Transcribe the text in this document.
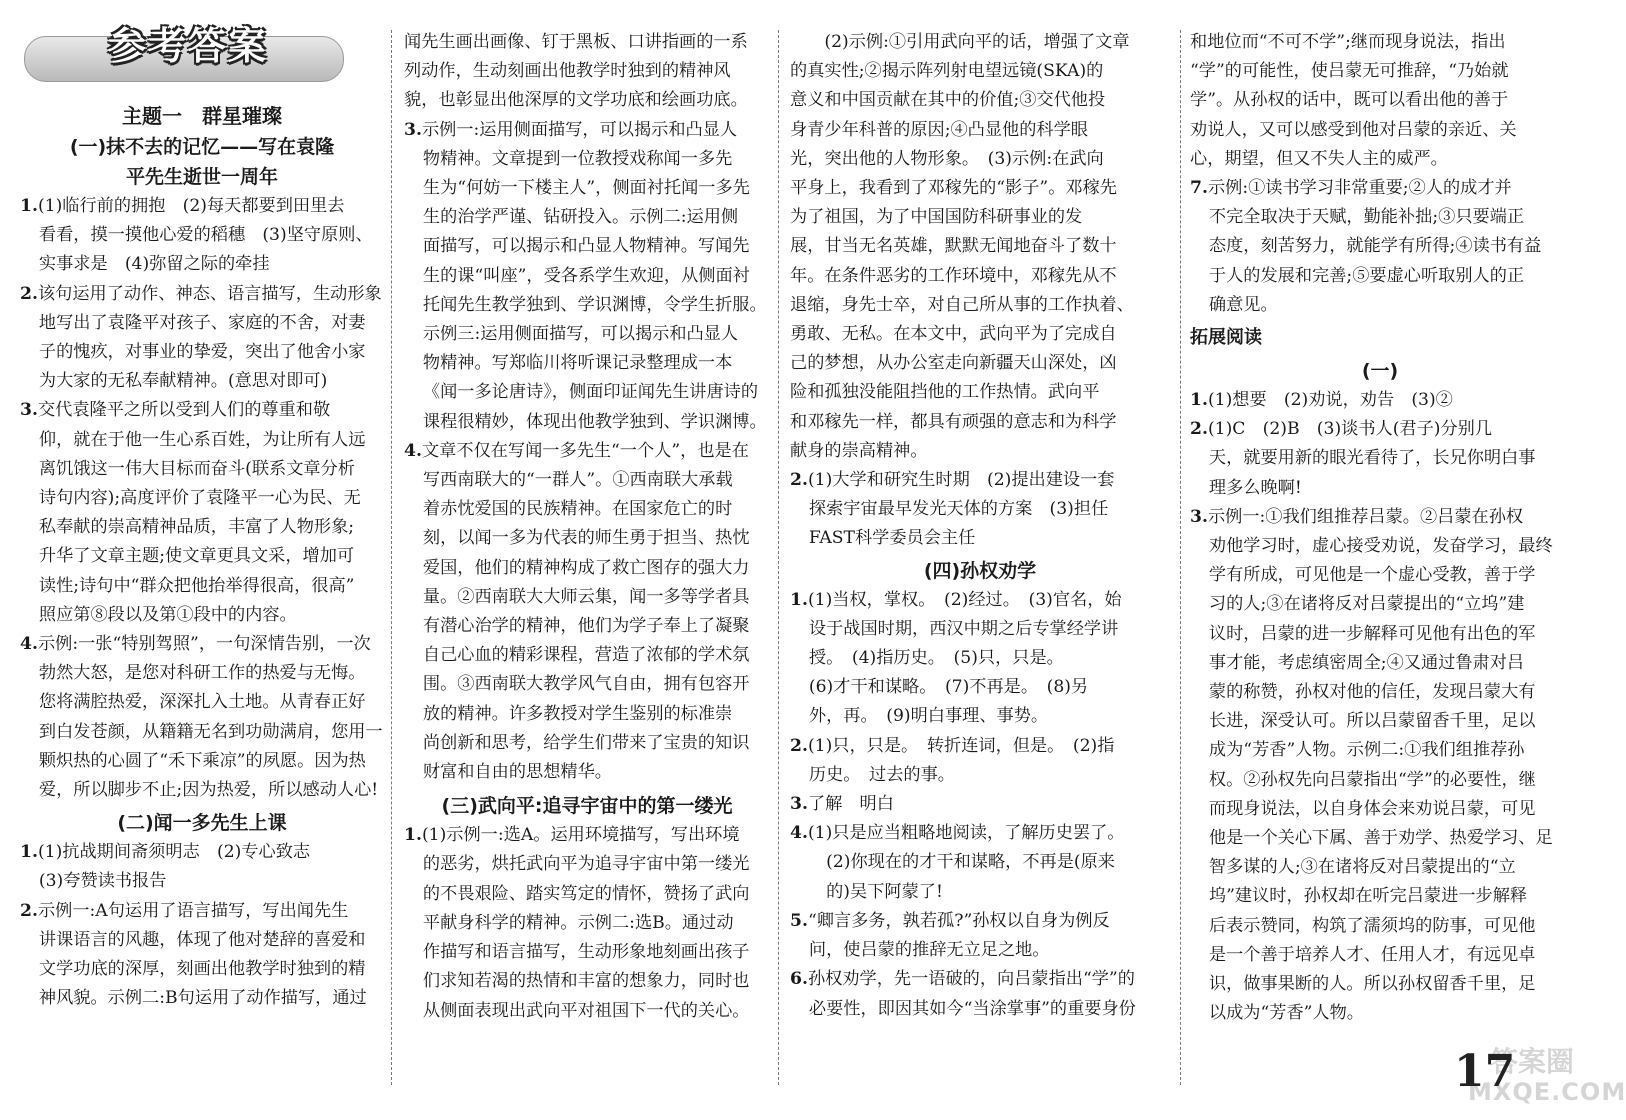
参考答案
主题一　群星璀璨
(一)抹不去的记忆——写在袁隆
平先生逝世一周年
1.(1)临行前的拥抱　(2)每天都要到田里去
看看，摸一摸他心爱的稻穗　(3)坚守原则、
实事求是　(4)弥留之际的牵挂
2.该句运用了动作、神态、语言描写，生动形象
地写出了袁隆平对孩子、家庭的不舍，对妻
子的愧疚，对事业的挚爱，突出了他舍小家
为大家的无私奉献精神。(意思对即可)
3.交代袁隆平之所以受到人们的尊重和敬
仰，就在于他一生心系百姓，为让所有人远
离饥饿这一伟大目标而奋斗(联系文章分析
诗句内容);高度评价了袁隆平一心为民、无
私奉献的崇高精神品质，丰富了人物形象;
升华了文章主题;使文章更具文采，增加可
读性;诗句中“群众把他抬举得很高，很高”
照应第⑧段以及第①段中的内容。
4.示例:一张“特别驾照”，一句深情告别，一次
勃然大怒，是您对科研工作的热爱与无悔。
您将满腔热爱，深深扎入土地。从青春正好
到白发苍颜，从籍籍无名到功勋满肩，您用一
颗炽热的心圆了“禾下乘凉”的夙愿。因为热
爱，所以脚步不止;因为热爱，所以感动人心!
(二)闻一多先生上课
1.(1)抗战期间斋须明志　(2)专心致志
(3)夸赞读书报告
2.示例一:A句运用了语言描写，写出闻先生
讲课语言的风趣，体现了他对楚辞的喜爱和
文学功底的深厚，刻画出他教学时独到的精
神风貌。示例二:B句运用了动作描写，通过
闻先生画出画像、钉于黑板、口讲指画的一系
列动作，生动刻画出他教学时独到的精神风
貌，也彰显出他深厚的文学功底和绘画功底。
3.示例一:运用侧面描写，可以揭示和凸显人
物精神。文章提到一位教授戏称闻一多先
生为“何妨一下楼主人”，侧面衬托闻一多先
生的治学严谨、钻研投入。示例二:运用侧
面描写，可以揭示和凸显人物精神。写闻先
生的课“叫座”，受各系学生欢迎，从侧面衬
托闻先生教学独到、学识渊博，令学生折服。
示例三:运用侧面描写，可以揭示和凸显人
物精神。写郑临川将听课记录整理成一本
《闻一多论唐诗》，侧面印证闻先生讲唐诗的
课程很精妙，体现出他教学独到、学识渊博。
4.文章不仅在写闻一多先生“一个人”，也是在
写西南联大的“一群人”。①西南联大承载
着赤忱爱国的民族精神。在国家危亡的时
刻，以闻一多为代表的师生勇于担当、热忱
爱国，他们的精神构成了救亡图存的强大力
量。②西南联大大师云集，闻一多等学者具
有潜心治学的精神，他们为学子奉上了凝聚
自己心血的精彩课程，营造了浓郁的学术氛
围。③西南联大教学风气自由，拥有包容开
放的精神。许多教授对学生鉴别的标准崇
尚创新和思考，给学生们带来了宝贵的知识
财富和自由的思想精华。
(三)武向平:追寻宇宙中的第一缕光
1.(1)示例一:选A。运用环境描写，写出环境
的恶劣，烘托武向平为追寻宇宙中第一缕光
的不畏艰险、踏实笃定的情怀，赞扬了武向
平献身科学的精神。示例二:选B。通过动
作描写和语言描写，生动形象地刻画出孩子
们求知若渴的热情和丰富的想象力，同时也
从侧面表现出武向平对祖国下一代的关心。
(2)示例:①引用武向平的话，增强了文章
的真实性;②揭示阵列射电望远镜(SKA)的
意义和中国贡献在其中的价值;③交代他投
身青少年科普的原因;④凸显他的科学眼
光，突出他的人物形象。　(3)示例:在武向
平身上，我看到了邓稼先的“影子”。邓稼先
为了祖国，为了中国国防科研事业的发
展，甘当无名英雄，默默无闻地奋斗了数十
年。在条件恶劣的工作环境中，邓稼先从不
退缩，身先士卒，对自己所从事的工作执着、
勇敢、无私。在本文中，武向平为了完成自
己的梦想，从办公室走向新疆天山深处，凶
险和孤独没能阻挡他的工作热情。武向平
和邓稼先一样，都具有顽强的意志和为科学
献身的崇高精神。
2.(1)大学和研究生时期　(2)提出建设一套
探索宇宙最早发光天体的方案　(3)担任
FAST科学委员会主任
(四)孙权劝学
1.(1)当权，掌权。　(2)经过。　(3)官名，始
设于战国时期，西汉中期之后专掌经学讲
授。　(4)指历史。　(5)只，只是。
(6)才干和谋略。　(7)不再是。　(8)另
外，再。　(9)明白事理、事势。
2.(1)只，只是。　转折连词，但是。　(2)指
历史。　过去的事。
3.了解　明白
4.(1)只是应当粗略地阅读，了解历史罢了。
(2)你现在的才干和谋略，不再是(原来
的)吴下阿蒙了!
5.“卿言多务，孰若孤?”孙权以自身为例反
问，使吕蒙的推辞无立足之地。
6.孙权劝学，先一语破的，向吕蒙指出“学”的
必要性，即因其如今“当涂掌事”的重要身份
和地位而“不可不学”;继而现身说法，指出
“学”的可能性，使吕蒙无可推辞，“乃始就
学”。从孙权的话中，既可以看出他的善于
劝说人，又可以感受到他对吕蒙的亲近、关
心，期望，但又不失人主的威严。
7.示例:①读书学习非常重要;②人的成才并
不完全取决于天赋，勤能补拙;③只要端正
态度，刻苦努力，就能学有所得;④读书有益
于人的发展和完善;⑤要虚心听取别人的正
确意见。
拓展阅读
(一)
1.(1)想要　(2)劝说，劝告　(3)②
2.(1)C　(2)B　(3)谈书人(君子)分别几
天，就要用新的眼光看待了，长兄你明白事
理多么晚啊!
3.示例一:①我们组推荐吕蒙。②吕蒙在孙权
劝他学习时，虚心接受劝说，发奋学习，最终
学有所成，可见他是一个虚心受教，善于学
习的人;③在诸将反对吕蒙提出的“立坞”建
议时，吕蒙的进一步解释可见他有出色的军
事才能，考虑缜密周全;④又通过鲁肃对吕
蒙的称赞，孙权对他的信任，发现吕蒙大有
长进，深受认可。所以吕蒙留香千里，足以
成为“芳香”人物。示例二:①我们组推荐孙
权。②孙权先向吕蒙指出“学”的必要性，继
而现身说法，以自身体会来劝说吕蒙，可见
他是一个关心下属、善于劝学、热爱学习、足
智多谋的人;③在诸将反对吕蒙提出的“立
坞”建议时，孙权却在听完吕蒙进一步解释
后表示赞同，构筑了濡须坞的防事，可见他
是一个善于培养人才、任用人才，有远见卓
识，做事果断的人。所以孙权留香千里，足
以成为“芳香”人物。
答案圈
MXQE.COM
17
